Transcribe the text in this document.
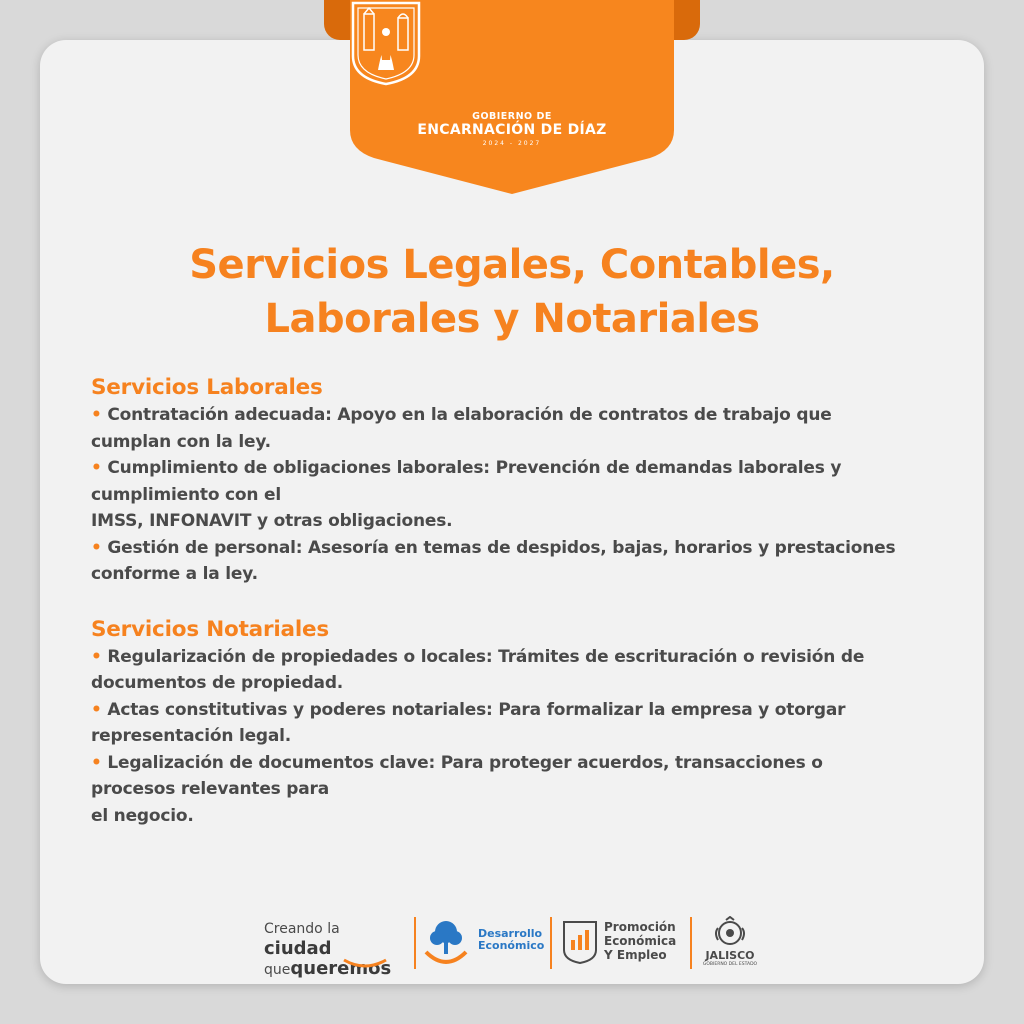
GOBIERNO DE
ENCARNACIÓN DE DÍAZ
2024 - 2027
Servicios Legales, Contables,
Laborales y Notariales
Servicios Laborales
• Contratación adecuada: Apoyo en la elaboración de contratos de trabajo que
cumplan con la ley.
• Cumplimiento de obligaciones laborales: Prevención de demandas laborales y
cumplimiento con el
IMSS, INFONAVIT y otras obligaciones.
• Gestión de personal: Asesoría en temas de despidos, bajas, horarios y prestaciones
conforme a la ley.
Servicios Notariales
• Regularización de propiedades o locales: Trámites de escrituración o revisión de
documentos de propiedad.
• Actas constitutivas y poderes notariales: Para formalizar la empresa y otorgar
representación legal.
• Legalización de documentos clave: Para proteger acuerdos, transacciones o
procesos relevantes para
el negocio.
Creando la ciudad
quequeremos
Desarrollo
Económico
Promoción
Económica
Y Empleo	JALISCO
GOBIERNO DEL ESTADO
